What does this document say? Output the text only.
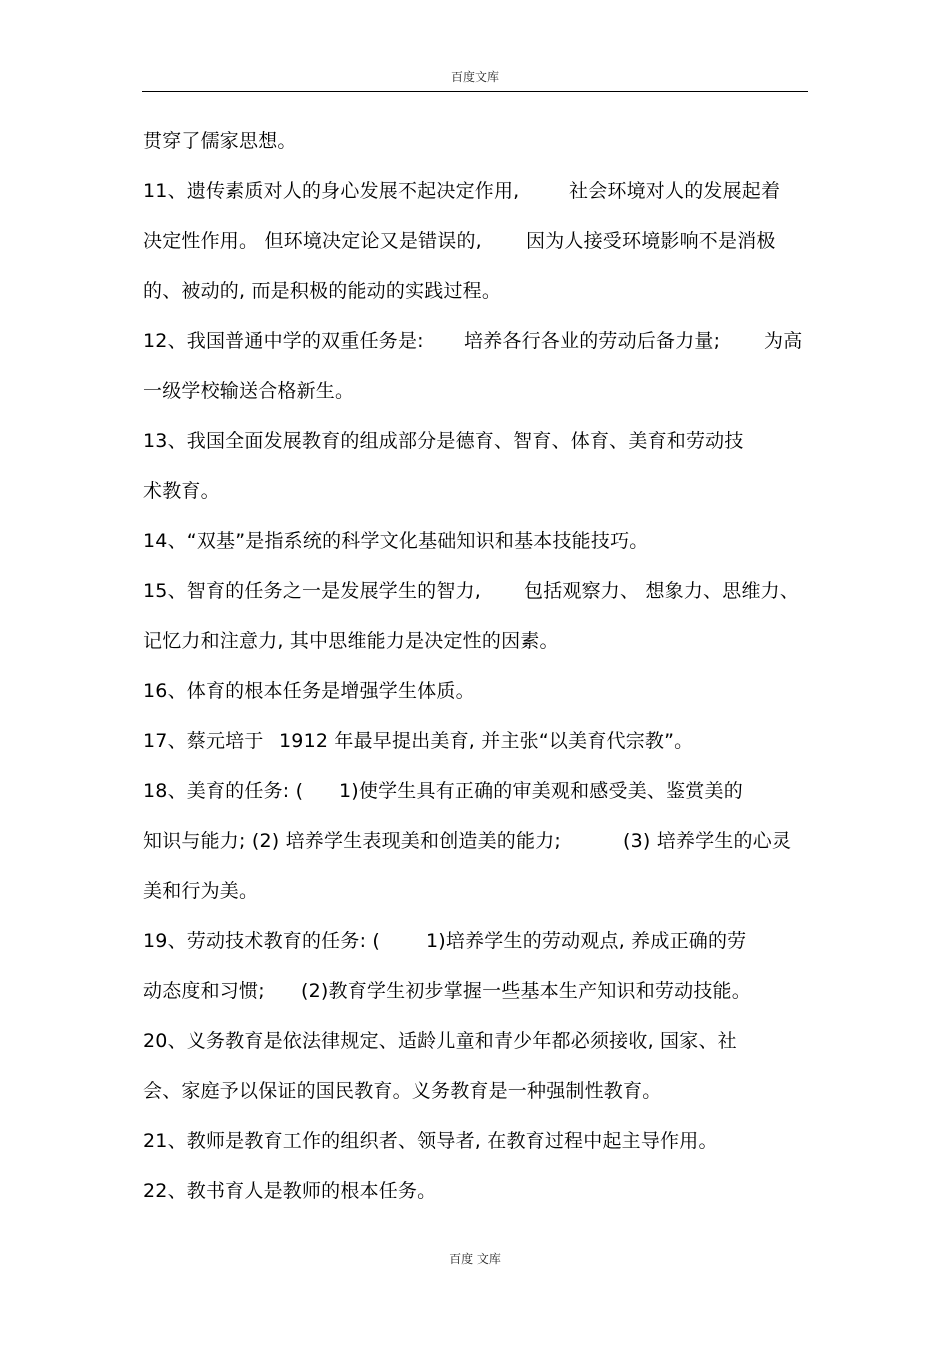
百度文库
贯穿了儒家思想。
11、遗传素质对人的身心发展不起决定作用,	社会环境对人的发展起着
决定性作用。 但环境决定论又是错误的, 因为人接受环境影响不是消极
的、被动的, 而是积极的能动的实践过程。
12、我国普通中学的双重任务是: 培养各行各业的劳动后备力量; 为高
一级学校输送合格新生。
13、我国全面发展教育的组成部分是德育、智育、体育、美育和劳动技
术教育。
14、“双基”是指系统的科学文化基础知识和基本技能技巧。
15、智育的任务之一是发展学生的智力, 包括观察力、 想象力、思维力、
记忆力和注意力, 其中思维能力是决定性的因素。
16、体育的根本任务是增强学生体质。
17、蔡元培于 1912 年最早提出美育, 并主张“以美育代宗教”。
18、美育的任务: ( 1)使学生具有正确的审美观和感受美、鉴赏美的
知识与能力; (2) 培养学生表现美和创造美的能力;	(3) 培养学生的心灵
美和行为美。
19、劳动技术教育的任务: ( 1)培养学生的劳动观点, 养成正确的劳
动态度和习惯; (2)教育学生初步掌握一些基本生产知识和劳动技能。
20、义务教育是依法律规定、适龄儿童和青少年都必须接收, 国家、社
会、家庭予以保证的国民教育。义务教育是一种强制性教育。
21、教师是教育工作的组织者、领导者, 在教育过程中起主导作用。
22、教书育人是教师的根本任务。
百度 文库
